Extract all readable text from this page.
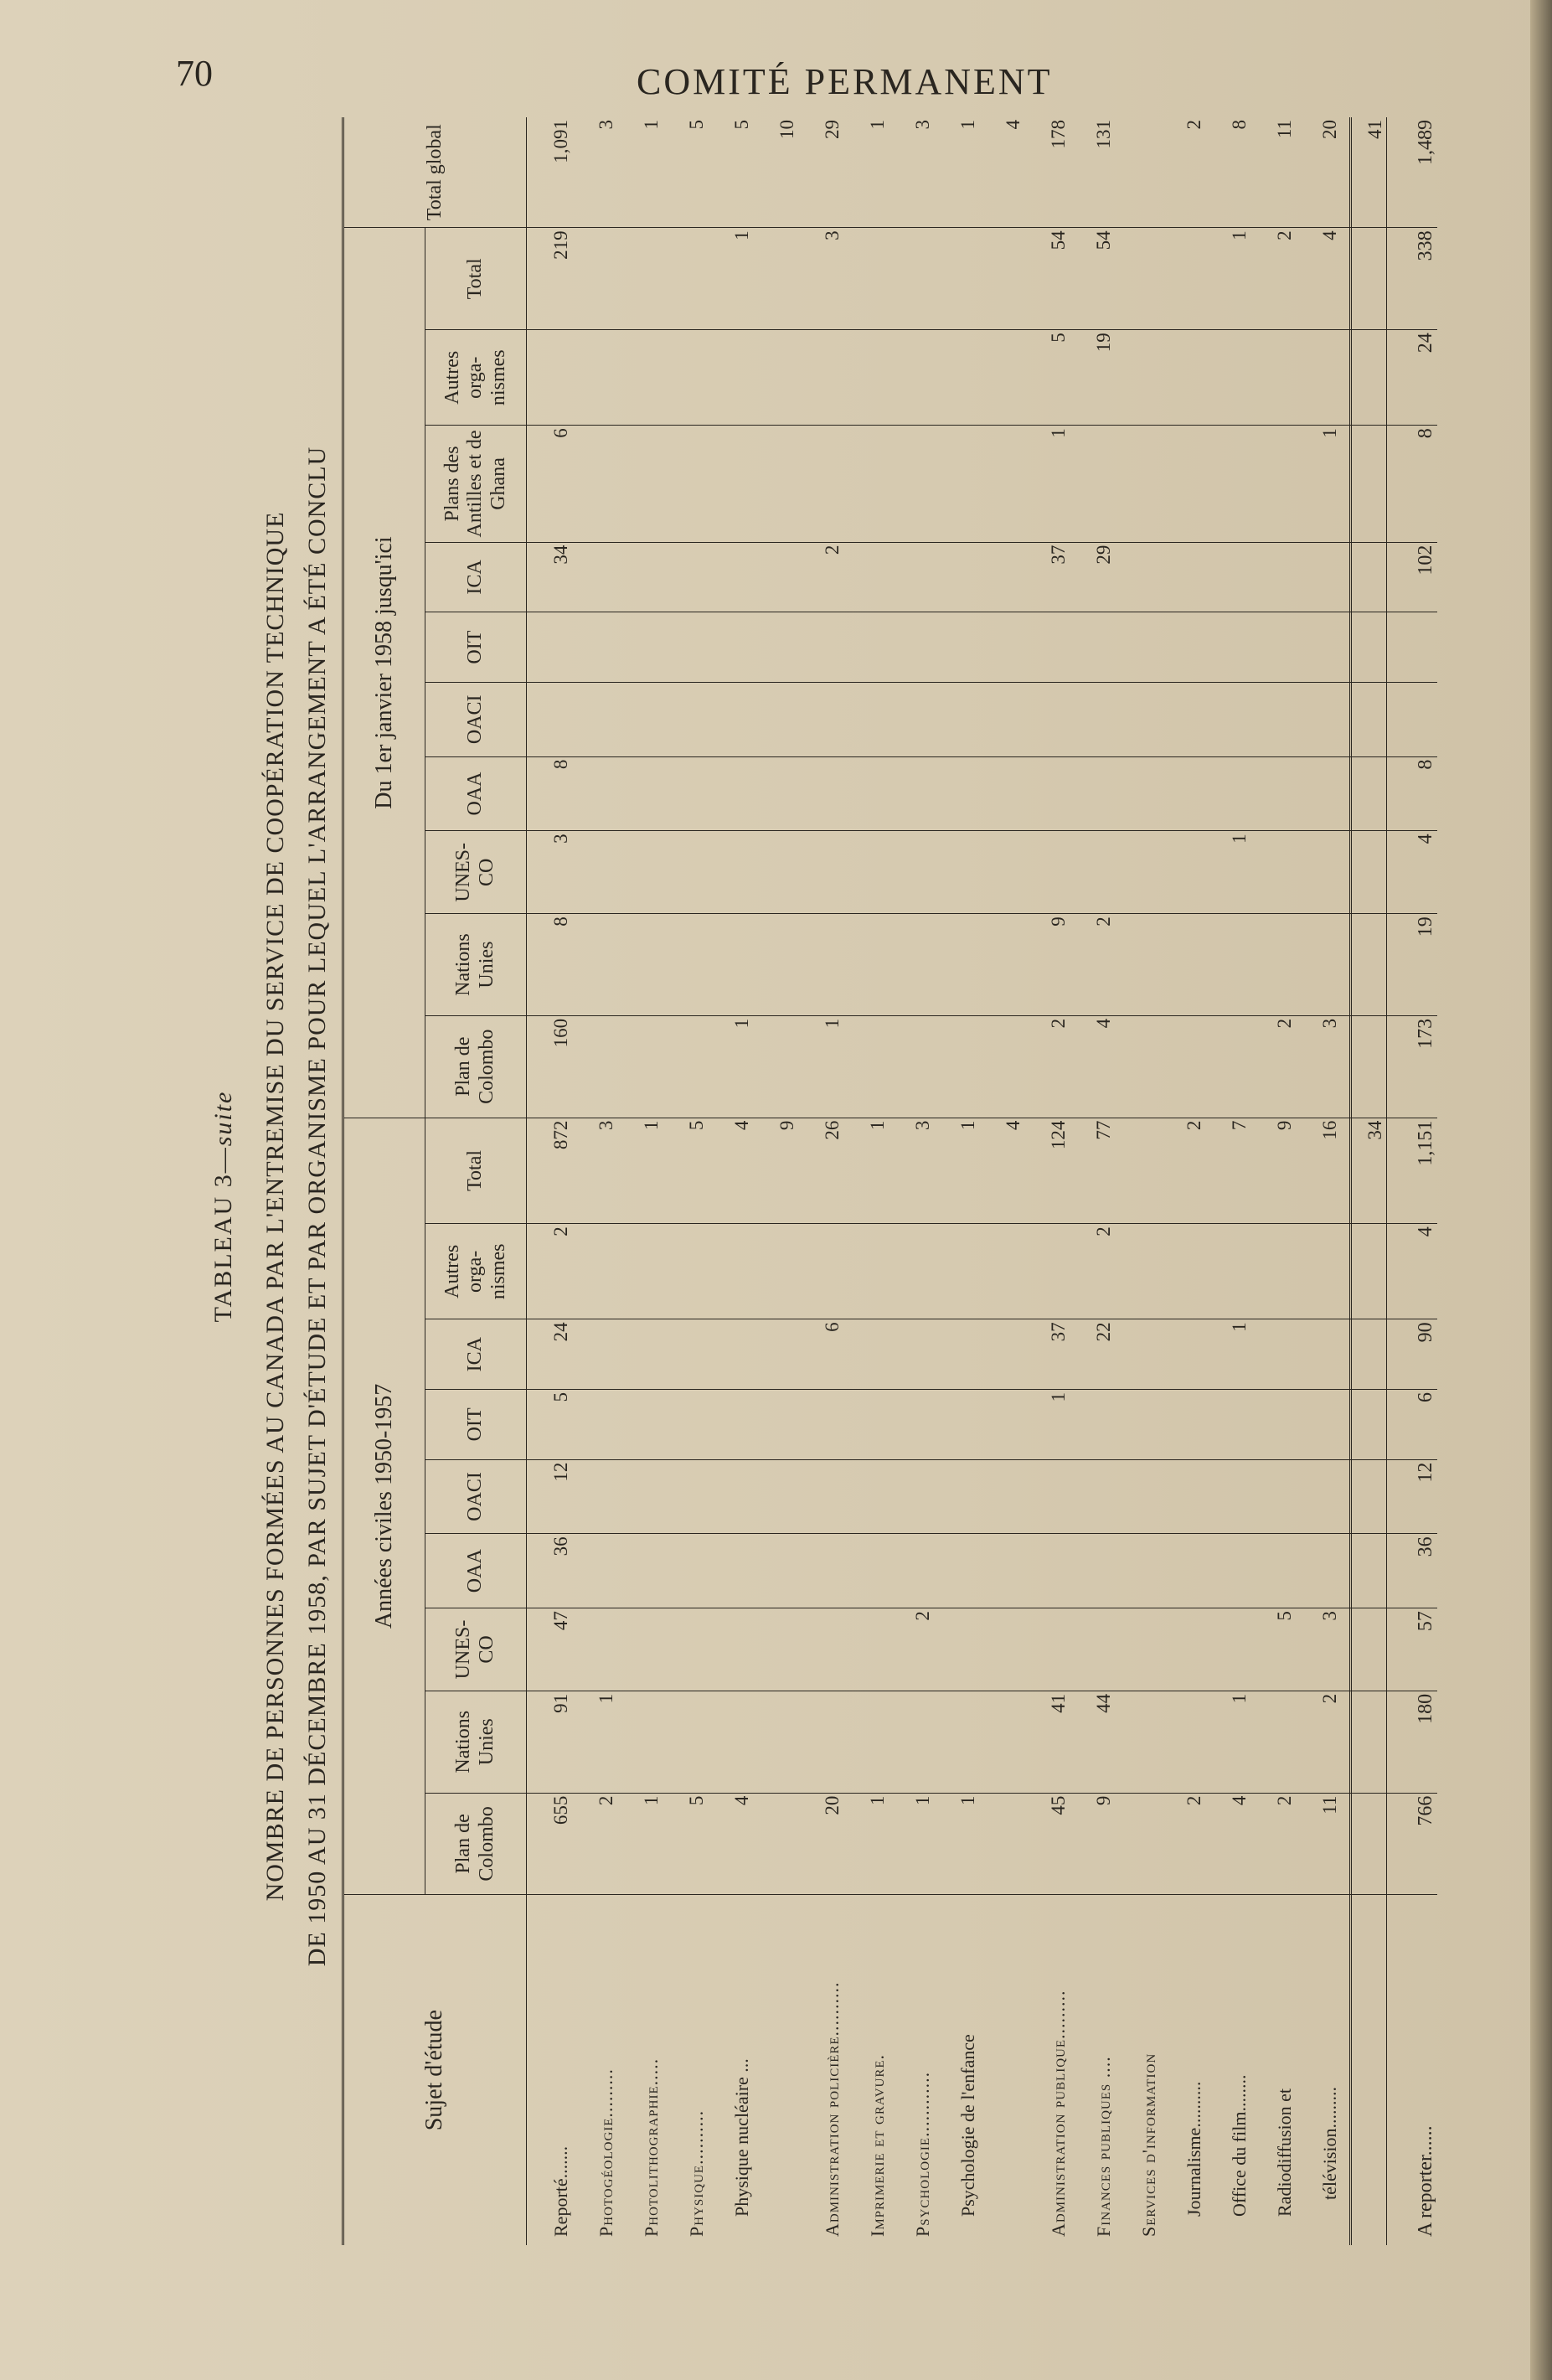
70	COMITÉ PERMANENT
TABLEAU 3—suite NOMBRE DE PERSONNES FORMÉES AU CANADA PAR L'ENTREMISE DU SERVICE DE COOPÉRATION TECHNIQUE DE 1950 AU 31 DÉCEMBRE 1958, PAR SUJET D'ÉTUDE ET PAR ORGANISME POUR LEQUEL L'ARRANGEMENT A ÉTÉ CONCLU
Sujet d'étude	Années civiles 1950-1957									Du 1er janvier 1958 jusqu'ici										Total global
	Plan de Colombo	Nations Unies	UNES-CO	OAA	OACI	OIT	ICA	Autres orga-nismes	Total	Plan de Colombo	Nations Unies	UNES-CO	OAA	OACI	OIT	ICA	Plans des Antilles et de Ghana	Autres orga-nismes	Total	
Reporté.......	655	91	47	36	12	5	24	2	872	160	8	3	8			34	6		219	1,091
Photogéologie.........	2	1							3											3
Photolithographie.....	1								1											1
Physique..........	5								5											5
Physique nucléaire ...	4								4	1									1	5
									9											10
Administration policière..........	20						6		26	1						2			3	29
Imprimerie et gravure.	1								1											1
Psychologie............	1		2						3											3
Psychologie de l'enfance	1								1											1
									4											4
Administration publique.........	45	41				1	37		124	2	9					37	1	5	54	178
Finances publiques ....	9	44					22	2	77	4	2					29		19	54	131
Services d'information																				
Journalisme..........	2								2											2
Office du film........	4	1					1		7			1							1	8
Radiodiffusion et	2		5						9	2									2	11
télévision.........	11	2	3						16	3							1		4	20
									34											41
A reporter......	766	180	57	36	12	6	90	4	1,151	173	19	4	8			102	8	24	338	1,489
